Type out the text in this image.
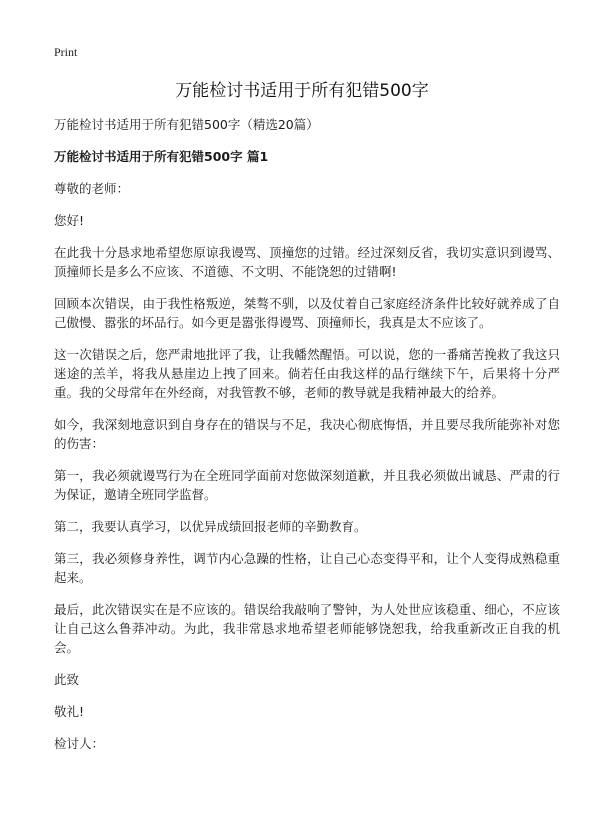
Print

万能检讨书适用于所有犯错500字

万能检讨书适用于所有犯错500字（精选20篇）

万能检讨书适用于所有犯错500字 篇1

尊敬的老师：

您好!

在此我十分恳求地希望您原谅我谩骂、顶撞您的过错。经过深刻反省，我切实意识到谩骂、顶撞师长是多么不应该、不道德、不文明、不能饶恕的过错啊!

回顾本次错误，由于我性格叛逆，桀骜不驯，以及仗着自己家庭经济条件比较好就养成了自己傲慢、嚣张的坏品行。如今更是嚣张得谩骂、顶撞师长，我真是太不应该了。

这一次错误之后，您严肃地批评了我，让我幡然醒悟。可以说，您的一番痛苦挽救了我这只迷途的羔羊，将我从悬崖边上拽了回来。倘若任由我这样的品行继续下午，后果将十分严重。我的父母常年在外经商，对我管教不够，老师的教导就是我精神最大的给养。

如今，我深刻地意识到自身存在的错误与不足，我决心彻底悔悟，并且要尽我所能弥补对您的伤害：

第一，我必须就谩骂行为在全班同学面前对您做深刻道歉，并且我必须做出诚恳、严肃的行为保证，邀请全班同学监督。

第二，我要认真学习，以优异成绩回报老师的辛勤教育。

第三，我必须修身养性，调节内心急躁的性格，让自己心态变得平和，让个人变得成熟稳重起来。

最后，此次错误实在是不应该的。错误给我敲响了警钟，为人处世应该稳重、细心，不应该让自己这么鲁莽冲动。为此，我非常恳求地希望老师能够饶恕我，给我重新改正自我的机会。

此致

敬礼!

检讨人：
